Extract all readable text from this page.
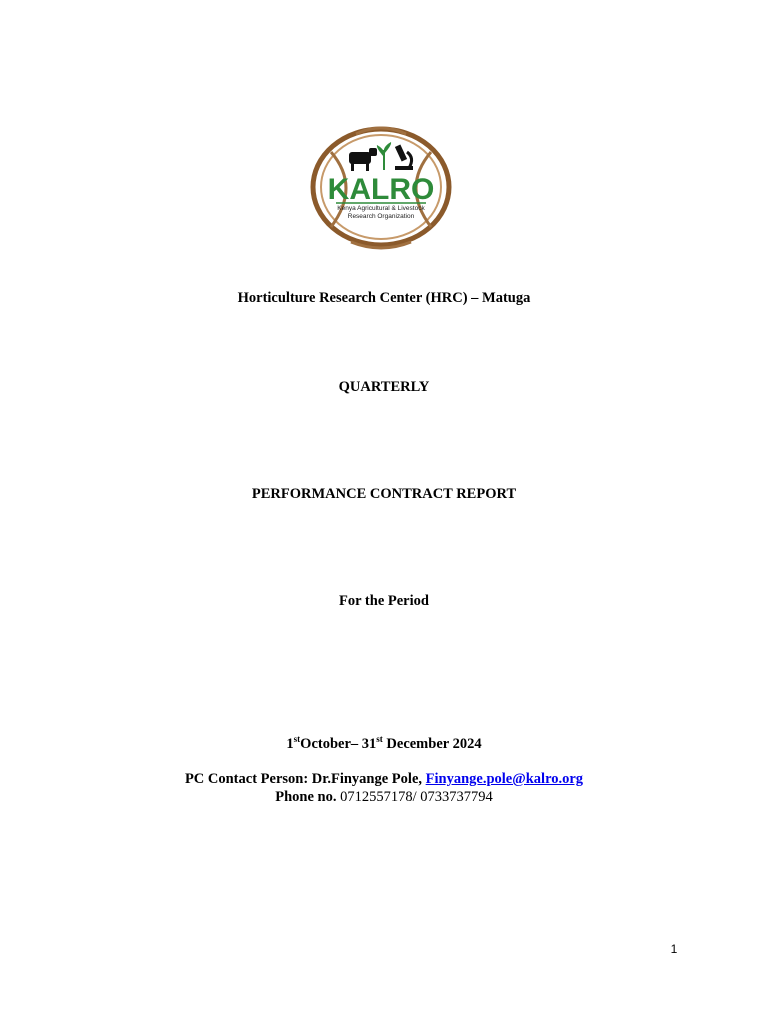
KALRO
Kenya Agricultural & Livestock
Research Organization
Horticulture Research Center (HRC) – Matuga
QUARTERLY
PERFORMANCE CONTRACT REPORT
For the Period
1stOctober– 31st December 2024
PC Contact Person: Dr.Finyange Pole, Finyange.pole@kalro.org
Phone no. 0712557178/ 0733737794
1
